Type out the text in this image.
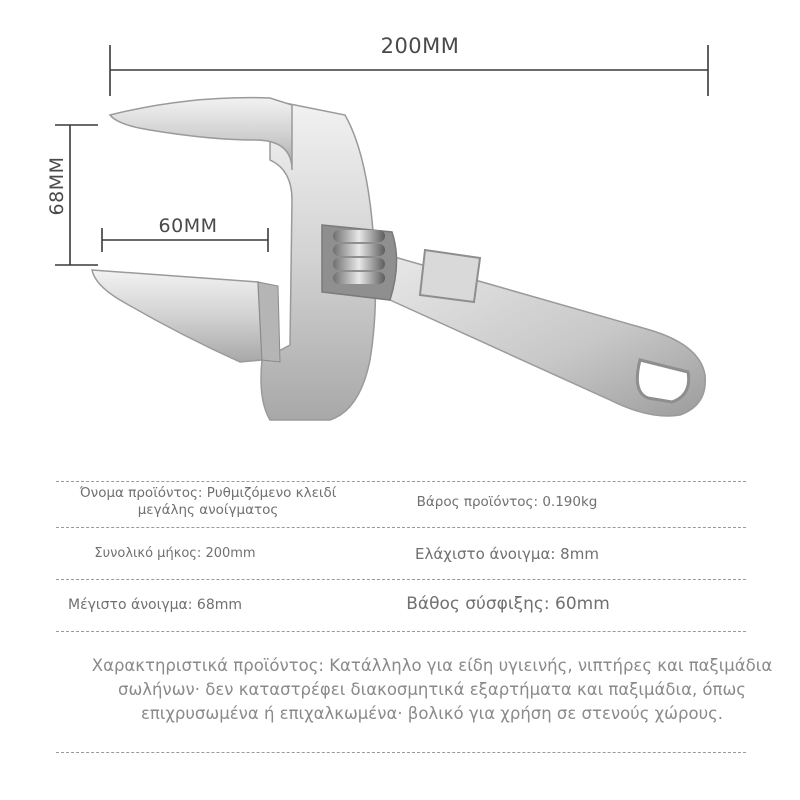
200MM
60MM
68MM
Όνομα προϊόντος: Ρυθμιζόμενο κλειδί μεγάλης ανοίγματος	Βάρος προϊόντος: 0.190kg
Συνολικό μήκος: 200mm	Ελάχιστο άνοιγμα: 8mm
Μέγιστο άνοιγμα: 68mm	Βάθος σύσφιξης: 60mm
Χαρακτηριστικά προϊόντος: Κατάλληλο για είδη υγιεινής, νιπτήρες και παξιμάδια σωλήνων· δεν καταστρέφει διακοσμητικά εξαρτήματα και παξιμάδια, όπως επιχρυσωμένα ή επιχαλκωμένα· βολικό για χρήση σε στενούς χώρους.
